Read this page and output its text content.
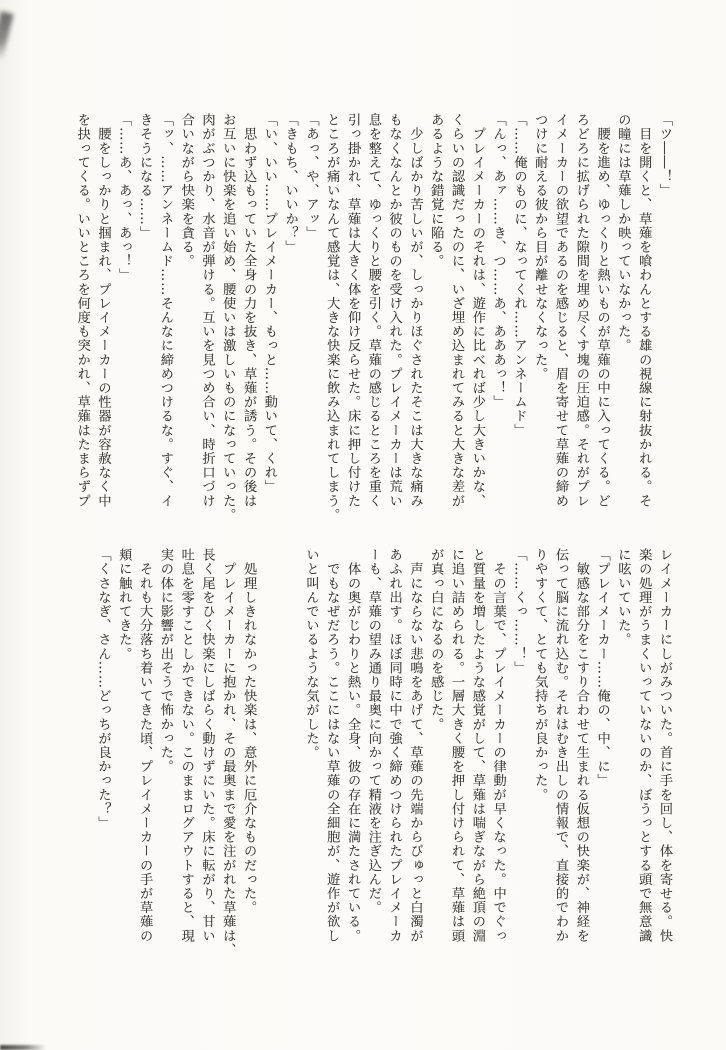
「ツ――！」
　目を開くと、草薙を喰わんとする雄の視線に射抜かれる。そ
の瞳には草薙しか映っていなかった。
　腰を進め、ゆっくりと熱いものが草薙の中に入ってくる。ど
ろどろに拡げられた隙間を埋め尽くす塊の圧迫感。それがプレ
イメーカーの欲望であるのを感じると、眉を寄せて草薙の締め
つけに耐える彼から目が離せなくなった。
「……俺のものに、なってくれ……アンネームド」
「んっ、あァ……き、つ……あ、あああっ！」
　プレイメーカーのそれは、遊作に比べれば少し大きいかな、
くらいの認識だったのに、いざ埋め込まれてみると大きな差が
あるような錯覚に陥る。
　少しばかり苦しいが、しっかりほぐされたそこは大きな痛み
もなくなんとか彼のものを受け入れた。プレイメーカーは荒い
息を整えて、ゆっくりと腰を引く。草薙の感じるところを重く
引っ掛かれ、草薙は大きく体を仰け反らせた。床に押し付けた
ところが痛いなんて感覚は、大きな快楽に飲み込まれてしまう。
「あっ、や、アッ」
「きもち、いいか？」
「い、いい……プレイメーカー、もっと……動いて、くれ」
　思わず込もっていた全身の力を抜き、草薙が誘う。その後は
お互いに快楽を追い始め、腰使いは激しいものになっていった。
肉がぶつかり、水音が弾ける。互いを見つめ合い、時折口づけ
合いながら快楽を貪る。
「ッ、……アンネームド……そんなに締めつけるな。すぐ、イ
きそうになる……」
「……あ、あっ、あっ！」
　腰をしっかりと掴まれ、プレイメーカーの性器が容赦なく中
を抉ってくる。いいところを何度も突かれ、草薙はたまらずプ
レイメーカーにしがみついた。首に手を回し、体を寄せる。快
楽の処理がうまくいっていないのか、ぼうっとする頭で無意識
に呟いていた。
「プレイメーカー……俺の、中、に」
　敏感な部分をこすり合わせて生まれる仮想の快楽が、神経を
伝って脳に流れ込む。それはむき出しの情報で、直接的でわか
りやすくて、とても気持ちが良かった。
「……くっ……！」
　その言葉で、プレイメーカーの律動が早くなった。中でぐっ
と質量を増したような感覚がして、草薙は喘ぎながら絶頂の淵
に追い詰められる。一層大きく腰を押し付けられて、草薙は頭
が真っ白になるのを感じた。
　声にならない悲鳴をあげて、草薙の先端からびゅっと白濁が
あふれ出す。ほぼ同時に中で強く締めつけられたプレイメーカ
ーも、草薙の望み通り最奥に向かって精液を注ぎ込んだ。
　体の奥がじわりと熱い。全身、彼の存在に満たされている。
　でもなぜだろう。ここにはない草薙の全細胞が、遊作が欲し
いと叫んでいるような気がした。
　処理しきれなかった快楽は、意外に厄介なものだった。
　プレイメーカーに抱かれ、その最奥まで愛を注がれた草薙は、
長く尾をひく快楽にしばらく動けずにいた。床に転がり、甘い
吐息を零すことしかできない。このままログアウトすると、現
実の体に影響が出そうで怖かった。
　それも大分落ち着いてきた頃、プレイメーカーの手が草薙の
頬に触れてきた。
「くさなぎ、さん……どっちが良かった？」
